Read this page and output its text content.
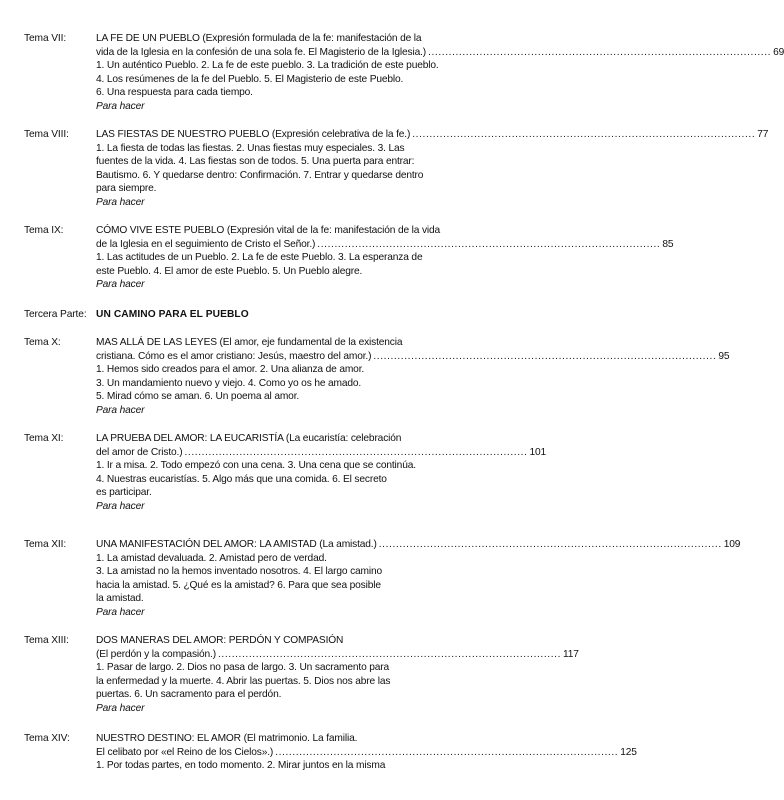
Tema VII:	LA FE DE UN PUEBLO (Expresión formulada de la fe: manifestación de la
vida de la Iglesia en la confesión de una sola fe. El Magisterio de la Iglesia.) .................................................................................................... 69
1. Un auténtico Pueblo. 2. La fe de este pueblo. 3. La tradición de este pueblo.
4. Los resúmenes de la fe del Pueblo. 5. El Magisterio de este Pueblo.
6. Una respuesta para cada tiempo.
Para hacer
Tema VIII:	LAS FIESTAS DE NUESTRO PUEBLO (Expresión celebrativa de la fe.) .................................................................................................... 77
1. La fiesta de todas las fiestas. 2. Unas fiestas muy especiales. 3. Las
fuentes de la vida. 4. Las fiestas son de todos. 5. Una puerta para entrar:
Bautismo. 6. Y quedarse dentro: Confirmación. 7. Entrar y quedarse dentro
para siempre.
Para hacer
Tema IX:	CÓMO VIVE ESTE PUEBLO (Expresión vital de la fe: manifestación de la vida
de la Iglesia en el seguimiento de Cristo el Señor.) .................................................................................................... 85
1. Las actitudes de un Pueblo. 2. La fe de este Pueblo. 3. La esperanza de
este Pueblo. 4. El amor de este Pueblo. 5. Un Pueblo alegre.
Para hacer
Tercera Parte: UN CAMINO PARA EL PUEBLO
Tema X:	MAS ALLÁ DE LAS LEYES (El amor, eje fundamental de la existencia
cristiana. Cómo es el amor cristiano: Jesús, maestro del amor.) .................................................................................................... 95
1. Hemos sido creados para el amor. 2. Una alianza de amor.
3. Un mandamiento nuevo y viejo. 4. Como yo os he amado.
5. Mirad cómo se aman. 6. Un poema al amor.
Para hacer
Tema XI:	LA PRUEBA DEL AMOR: LA EUCARISTÍA (La eucaristía: celebración
del amor de Cristo.) .................................................................................................... 101
1. Ir a misa. 2. Todo empezó con una cena. 3. Una cena que se continúa.
4. Nuestras eucaristías. 5. Algo más que una comida. 6. El secreto
es participar.
Para hacer
Tema XII:	UNA MANIFESTACIÓN DEL AMOR: LA AMISTAD (La amistad.) .................................................................................................... 109
1. La amistad devaluada. 2. Amistad pero de verdad.
3. La amistad no la hemos inventado nosotros. 4. El largo camino
hacia la amistad. 5. ¿Qué es la amistad? 6. Para que sea posible
la amistad.
Para hacer
Tema XIII:	DOS MANERAS DEL AMOR: PERDÓN Y COMPASIÓN
(El perdón y la compasión.) .................................................................................................... 117
1. Pasar de largo. 2. Dios no pasa de largo. 3. Un sacramento para
la enfermedad y la muerte. 4. Abrir las puertas. 5. Dios nos abre las
puertas. 6. Un sacramento para el perdón.
Para hacer
Tema XIV:	NUESTRO DESTINO: EL AMOR (El matrimonio. La familia.
El celibato por «el Reino de los Cielos».) .................................................................................................... 125
1. Por todas partes, en todo momento. 2. Mirar juntos en la misma
